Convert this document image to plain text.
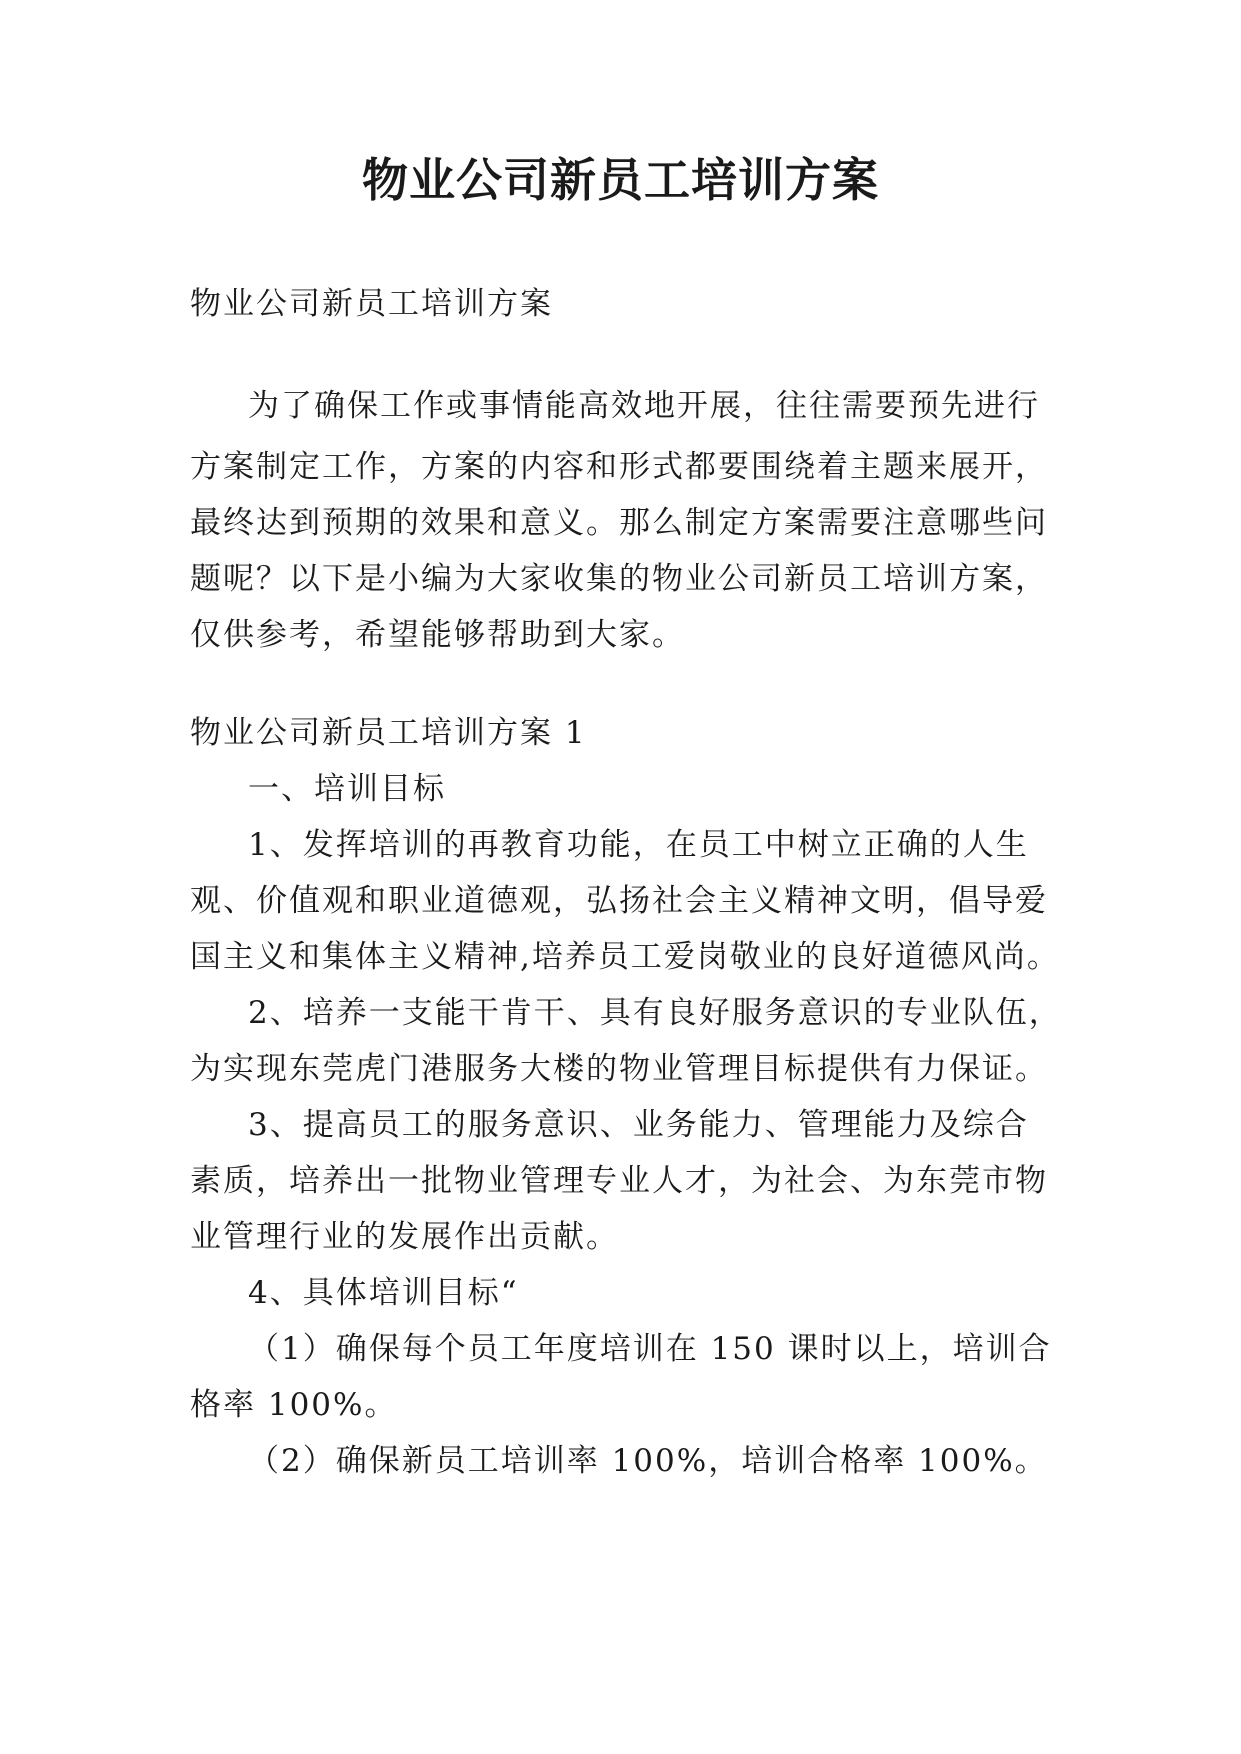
物业公司新员工培训方案

物业公司新员工培训方案

为了确保工作或事情能高效地开展，往往需要预先进行

方案制定工作，方案的内容和形式都要围绕着主题来展开，

最终达到预期的效果和意义。那么制定方案需要注意哪些问

题呢？以下是小编为大家收集的物业公司新员工培训方案，

仅供参考，希望能够帮助到大家。

物业公司新员工培训方案 1

一、培训目标

1、发挥培训的再教育功能，在员工中树立正确的人生

观、价值观和职业道德观，弘扬社会主义精神文明，倡导爱

国主义和集体主义精神,培养员工爱岗敬业的良好道德风尚。

2、培养一支能干肯干、具有良好服务意识的专业队伍，

为实现东莞虎门港服务大楼的物业管理目标提供有力保证。

3、提高员工的服务意识、业务能力、管理能力及综合

素质，培养出一批物业管理专业人才，为社会、为东莞市物

业管理行业的发展作出贡献。

4、具体培训目标“

（1）确保每个员工年度培训在 150 课时以上，培训合

格率 100%。

（2）确保新员工培训率 100%，培训合格率 100%。
